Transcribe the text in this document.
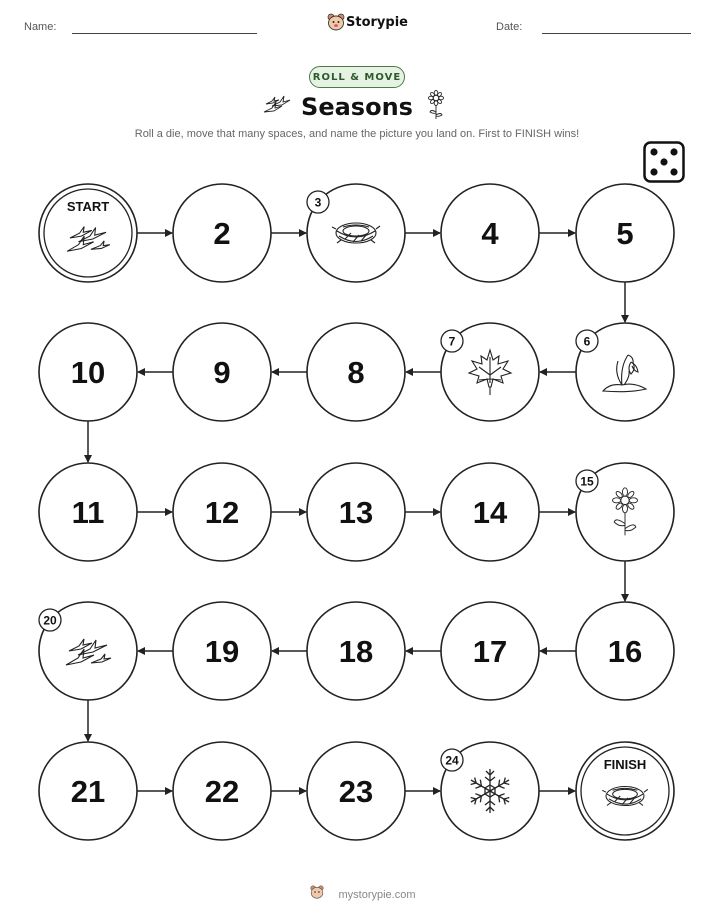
Name:	Storypie	Date:
ROLL & MOVE
Seasons
Roll a die, move that many spaces, and name the picture you land on. First to FINISH wins!
START
2
3
4	5
6
7
8
9
10
11	12	13	14
15
16
17
18
19
20
21	22	23
24	FINISH
mystorypie.com
